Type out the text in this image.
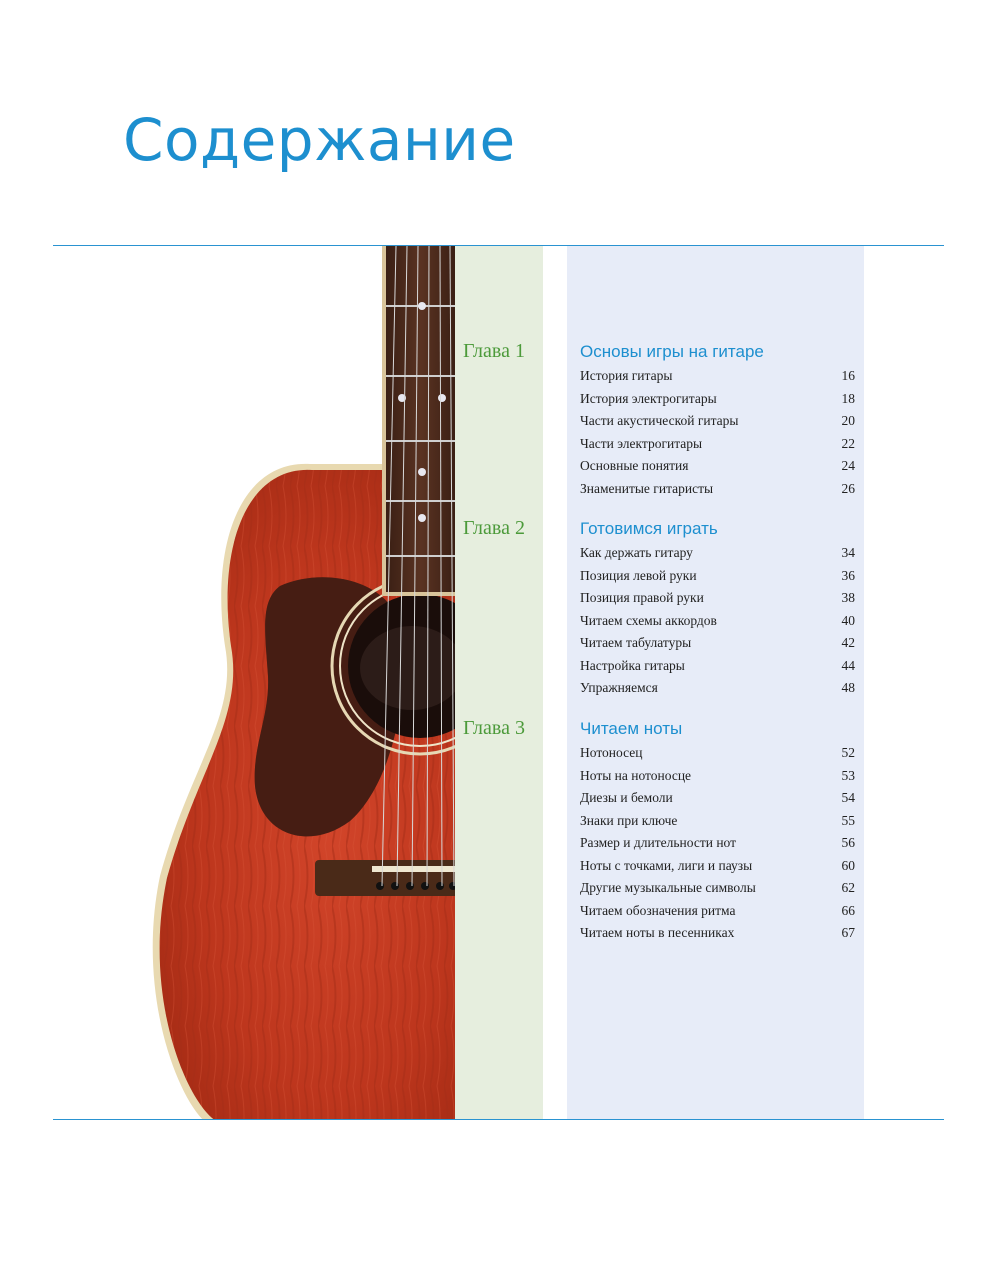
Содержание
Глава 1	Основы игры на гитаре
История гитары	16
История электрогитары	18
Части акустической гитары	20
Части электрогитары	22
Основные понятия	24
Знаменитые гитаристы	26
Глава 2	Готовимся играть
Как держать гитару	34
Позиция левой руки	36
Позиция правой руки	38
Читаем схемы аккордов	40
Читаем табулатуры	42
Настройка гитары	44
Упражняемся	48
Глава 3	Читаем ноты
Нотоносец	52
Ноты на нотоносце	53
Диезы и бемоли	54
Знаки при ключе	55
Размер и длительности нот	56
Ноты с точками, лиги и паузы	60
Другие музыкальные символы	62
Читаем обозначения ритма	66
Читаем ноты в песенниках	67
